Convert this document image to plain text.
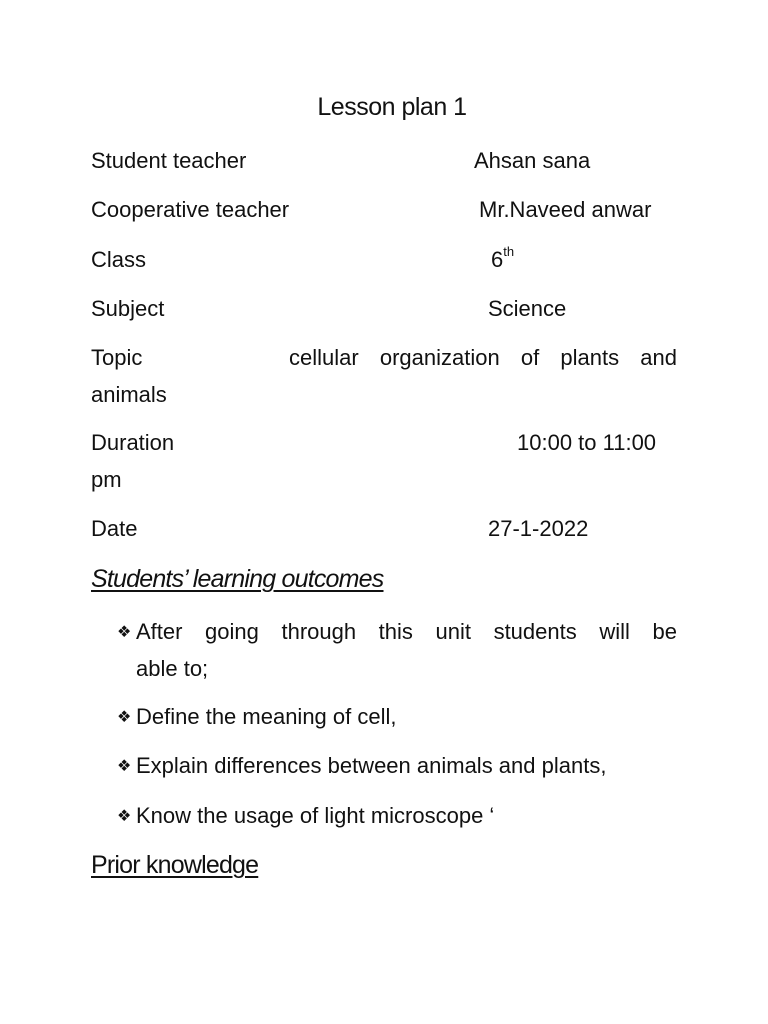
Lesson plan 1
Student teacher	Ahsan sana
Cooperative teacher	Mr.Naveed anwar
Class	6th
Subject	Science
Topic	cellular organization of plants and
animals
Duration	10:00 to 11:00
pm
Date	27-1-2022
Students’ learning outcomes
❖ After going through this unit students will be
able to;
❖ Define the meaning of cell,
❖ Explain differences between animals and plants,
❖ Know the usage of light microscope ‘
Prior knowledge
